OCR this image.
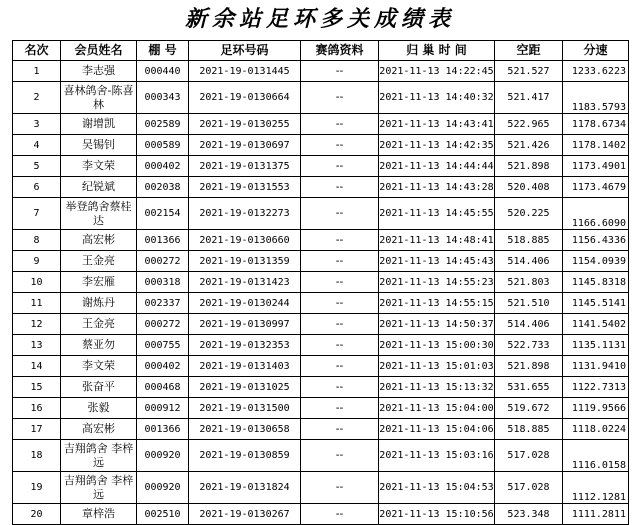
新余站足环多关成绩表
名次	会员姓名	棚 号	足环号码	赛鸽资料	归 巢 时 间	空距	分速
1	李志强	000440	2021-19-0131445	--	2021-11-13 14:22:45	521.527	1233.6223
2	喜林鸽舍-陈喜林	000343	2021-19-0130664	--	2021-11-13 14:40:32	521.417	1183.5793
3	谢增凯	002589	2021-19-0130255	--	2021-11-13 14:43:41	522.965	1178.6734
4	吴锡钊	000589	2021-19-0130697	--	2021-11-13 14:42:35	521.426	1178.1402
5	李文荣	000402	2021-19-0131375	--	2021-11-13 14:44:44	521.898	1173.4901
6	纪锐斌	002038	2021-19-0131553	--	2021-11-13 14:43:28	520.408	1173.4679
7	举登鸽舍蔡桂达	002154	2021-19-0132273	--	2021-11-13 14:45:55	520.225	1166.6090
8	高宏彬	001366	2021-19-0130660	--	2021-11-13 14:48:41	518.885	1156.4336
9	王金亮	000272	2021-19-0131359	--	2021-11-13 14:45:43	514.406	1154.0939
10	李宏雁	000318	2021-19-0131423	--	2021-11-13 14:55:23	521.803	1145.8318
11	谢炼丹	002337	2021-19-0130244	--	2021-11-13 14:55:15	521.510	1145.5141
12	王金亮	000272	2021-19-0130997	--	2021-11-13 14:50:37	514.406	1141.5402
13	蔡亚勿	000755	2021-19-0132353	--	2021-11-13 15:00:30	522.733	1135.1131
14	李文荣	000402	2021-19-0131403	--	2021-11-13 15:01:03	521.898	1131.9410
15	张奋平	000468	2021-19-0131025	--	2021-11-13 15:13:32	531.655	1122.7313
16	张毅	000912	2021-19-0131500	--	2021-11-13 15:04:00	519.672	1119.9566
17	高宏彬	001366	2021-19-0130658	--	2021-11-13 15:04:06	518.885	1118.0224
18	吉翔鸽舍 李梓远	000920	2021-19-0130859	--	2021-11-13 15:03:16	517.028	1116.0158
19	吉翔鸽舍 李梓远	000920	2021-19-0131824	--	2021-11-13 15:04:53	517.028	1112.1281
20	章梓浩	002510	2021-19-0130267	--	2021-11-13 15:10:56	523.348	1111.2811
